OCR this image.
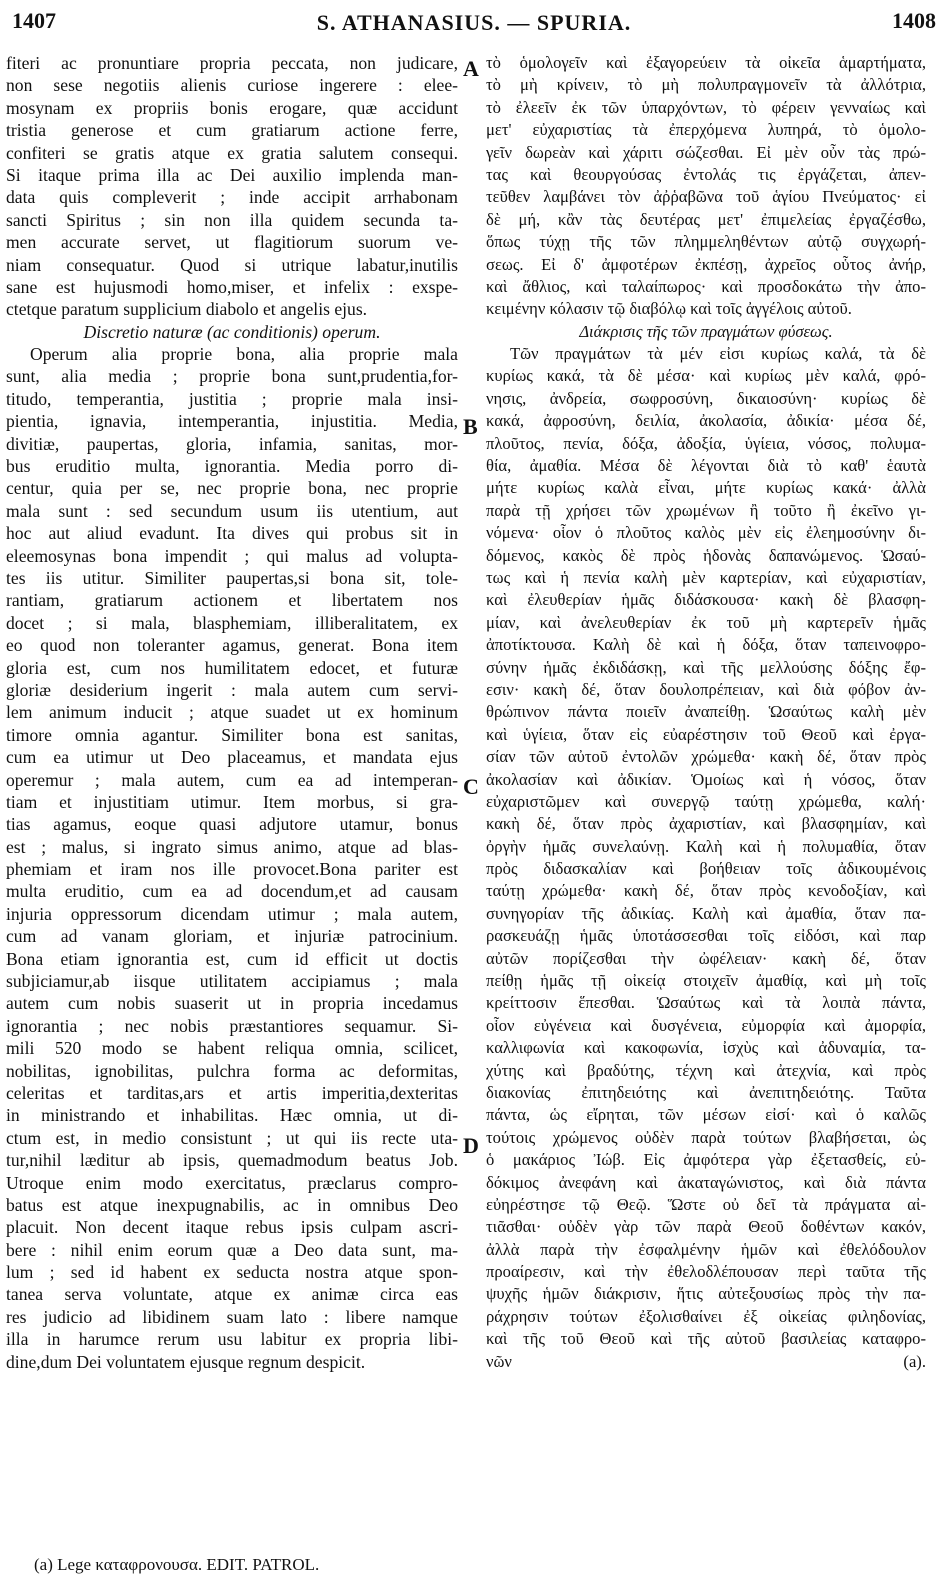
1407	S. ATHANASIUS. — SPURIA.	1408
fiteri ac pronuntiare propria peccata, non judicare,
non sese negotiis alienis curiose ingerere : elee-
mosynam ex propriis bonis erogare, quæ accidunt
tristia generose et cum gratiarum actione ferre,
confiteri se gratis atque ex gratia salutem consequi.
Si itaque prima illa ac Dei auxilio implenda man-
data quis compleverit ; inde accipit arrhabonam
sancti Spiritus ; sin non illa quidem secunda ta-
men accurate servet, ut flagitiorum suorum ve-
niam consequatur. Quod si utrique labatur,inutilis
sane est hujusmodi homo,miser, et infelix : exspe-
ctetque paratum supplicium diabolo et angelis ejus.
Discretio naturæ (ac conditionis) operum.
Operum alia proprie bona, alia proprie mala
sunt, alia media ; proprie bona sunt,prudentia,for-
titudo, temperantia, justitia ; proprie mala insi-
pientia, ignavia, intemperantia, injustitia. Media,
divitiæ, paupertas, gloria, infamia, sanitas, mor-
bus eruditio multa, ignorantia. Media porro di-
centur, quia per se, nec proprie bona, nec proprie
mala sunt : sed secundum usum iis utentium, aut
hoc aut aliud evadunt. Ita dives qui probus sit in
eleemosynas bona impendit ; qui malus ad volupta-
tes iis utitur. Similiter paupertas,si bona sit, tole-
rantiam, gratiarum actionem et libertatem nos
docet ; si mala, blasphemiam, illiberalitatem, ex
eo quod non toleranter agamus, generat. Bona item
gloria est, cum nos humilitatem edocet, et futuræ
gloriæ desiderium ingerit : mala autem cum servi-
lem animum inducit ; atque suadet ut ex hominum
timore omnia agantur. Similiter bona est sanitas,
cum ea utimur ut Deo placeamus, et mandata ejus
operemur ; mala autem, cum ea ad intemperan-
tiam et injustitiam utimur. Item morbus, si gra-
tias agamus, eoque quasi adjutore utamur, bonus
est ; malus, si ingrato simus animo, atque ad blas-
phemiam et iram nos ille provocet.Bona pariter est
multa eruditio, cum ea ad docendum,et ad causam
injuria oppressorum dicendam utimur ; mala autem,
cum ad vanam gloriam, et injuriæ patrocinium.
Bona etiam ignorantia est, cum id efficit ut doctis
subjiciamur,ab iisque utilitatem accipiamus ; mala
autem cum nobis suaserit ut in propria incedamus
ignorantia ; nec nobis præstantiores sequamur. Si-
mili 520 modo se habent reliqua omnia, scilicet,
nobilitas, ignobilitas, pulchra forma ac deformitas,
celeritas et tarditas,ars et artis imperitia,dexteritas
in ministrando et inhabilitas. Hæc omnia, ut di-
ctum est, in medio consistunt ; ut qui iis recte uta-
tur,nihil læditur ab ipsis, quemadmodum beatus Job.
Utroque enim modo exercitatus, præclarus compro-
batus est atque inexpugnabilis, ac in omnibus Deo
placuit. Non decent itaque rebus ipsis culpam ascri-
bere : nihil enim eorum quæ a Deo data sunt, ma-
lum ; sed id habent ex seducta nostra atque spon-
tanea serva voluntate, atque ex animæ circa eas
res judicio ad libidinem suam lato : libere namque
illa in harumce rerum usu labitur ex propria libi-
dine,dum Dei voluntatem ejusque regnum despicit.
τὸ ὁμολογεῖν καὶ ἐξαγορεύειν τὰ οἰκεῖα ἁμαρτήματα,
τὸ μὴ κρίνειν, τὸ μὴ πολυπραγμονεῖν τὰ ἀλλότρια,
τὸ ἐλεεῖν ἐκ τῶν ὑπαρχόντων, τὸ φέρειν γενναίως καὶ
μετ' εὐχαριστίας τὰ ἐπερχόμενα λυπηρά, τὸ ὁμολο-
γεῖν δωρεὰν καὶ χάριτι σώζεσθαι. Εἰ μὲν οὖν τὰς πρώ-
τας καὶ θεουργούσας ἐντολάς τις ἐργάζεται, ἀπεν-
τεῦθεν λαμβάνει τὸν ἀῤῥαβῶνα τοῦ ἁγίου Πνεύματος· εἰ
δὲ μή, κἂν τὰς δευτέρας μετ' ἐπιμελείας ἐργαζέσθω,
ὅπως τύχῃ τῆς τῶν πλημμεληθέντων αὐτῷ συγχωρή-
σεως. Εἰ δ' ἀμφοτέρων ἐκπέσῃ, ἀχρεῖος οὗτος ἀνήρ,
καὶ ἄθλιος, καὶ ταλαίπωρος· καὶ προσδοκάτω τὴν ἀπο-
κειμένην κόλασιν τῷ διαβόλῳ καὶ τοῖς ἀγγέλοις αὐτοῦ.
Διάκρισις τῆς τῶν πραγμάτων φύσεως.
Τῶν πραγμάτων τὰ μέν εἰσι κυρίως καλά, τὰ δὲ
κυρίως κακά, τὰ δὲ μέσα· καὶ κυρίως μὲν καλά, φρό-
νησις, ἀνδρεία, σωφροσύνη, δικαιοσύνη· κυρίως δὲ
κακά, ἀφροσύνη, δειλία, ἀκολασία, ἀδικία· μέσα δέ,
πλοῦτος, πενία, δόξα, ἀδοξία, ὑγίεια, νόσος, πολυμα-
θία, ἀμαθία. Μέσα δὲ λέγονται διὰ τὸ καθ' ἑαυτὰ
μήτε κυρίως καλὰ εἶναι, μήτε κυρίως κακά· ἀλλὰ
παρὰ τῇ χρήσει τῶν χρωμένων ἢ τοῦτο ἢ ἐκεῖνο γι-
νόμενα· οἷον ὁ πλοῦτος καλὸς μὲν εἰς ἐλεημοσύνην δι-
δόμενος, κακὸς δὲ πρὸς ἡδονὰς δαπανώμενος. Ὡσαύ-
τως καὶ ἡ πενία καλὴ μὲν καρτερίαν, καὶ εὐχαριστίαν,
καὶ ἐλευθερίαν ἡμᾶς διδάσκουσα· κακὴ δὲ βλασφη-
μίαν, καὶ ἀνελευθερίαν ἐκ τοῦ μὴ καρτερεῖν ἡμᾶς
ἀποτίκτουσα. Καλὴ δὲ καὶ ἡ δόξα, ὅταν ταπεινοφρο-
σύνην ἡμᾶς ἐκδιδάσκῃ, καὶ τῆς μελλούσης δόξης ἔφ-
εσιν· κακὴ δέ, ὅταν δουλοπρέπειαν, καὶ διὰ φόβον ἀν-
θρώπινον πάντα ποιεῖν ἀναπείθῃ. Ὡσαύτως καλὴ μὲν
καὶ ὑγίεια, ὅταν εἰς εὐαρέστησιν τοῦ Θεοῦ καὶ ἐργα-
σίαν τῶν αὐτοῦ ἐντολῶν χρώμεθα· κακὴ δέ, ὅταν πρὸς
ἀκολασίαν καὶ ἀδικίαν. Ὁμοίως καὶ ἡ νόσος, ὅταν
εὐχαριστῶμεν καὶ συνεργῷ ταύτῃ χρώμεθα, καλή·
κακὴ δέ, ὅταν πρὸς ἀχαριστίαν, καὶ βλασφημίαν, καὶ
ὀργὴν ἡμᾶς συνελαύνῃ. Καλὴ καὶ ἡ πολυμαθία, ὅταν
πρὸς διδασκαλίαν καὶ βοήθειαν τοῖς ἀδικουμένοις
ταύτῃ χρώμεθα· κακὴ δέ, ὅταν πρὸς κενοδοξίαν, καὶ
συνηγορίαν τῆς ἀδικίας. Καλὴ καὶ ἀμαθία, ὅταν πα-
ρασκευάζῃ ἡμᾶς ὑποτάσσεσθαι τοῖς εἰδόσι, καὶ παρ
αὐτῶν πορίζεσθαι τὴν ὠφέλειαν· κακὴ δέ, ὅταν
πείθῃ ἡμᾶς τῇ οἰκείᾳ στοιχεῖν ἀμαθίᾳ, καὶ μὴ τοῖς
κρείττοσιν ἕπεσθαι. Ὡσαύτως καὶ τὰ λοιπὰ πάντα,
οἷον εὐγένεια καὶ δυσγένεια, εὐμορφία καὶ ἀμορφία,
καλλιφωνία καὶ κακοφωνία, ἰσχὺς καὶ ἀδυναμία, τα-
χύτης καὶ βραδύτης, τέχνη καὶ ἀτεχνία, καὶ πρὸς
διακονίας ἐπιτηδειότης καὶ ἀνεπιτηδειότης. Ταῦτα
πάντα, ὡς εἴρηται, τῶν μέσων εἰσί· καὶ ὁ καλῶς
τούτοις χρώμενος οὐδὲν παρὰ τούτων βλαβήσεται, ὡς
ὁ μακάριος Ἰώβ. Εἰς ἀμφότερα γὰρ ἐξετασθείς, εὐ-
δόκιμος ἀνεφάνη καὶ ἀκαταγώνιστος, καὶ διὰ πάντα
εὐηρέστησε τῷ Θεῷ. Ὥστε οὐ δεῖ τὰ πράγματα αἰ-
τιᾶσθαι· οὐδὲν γὰρ τῶν παρὰ Θεοῦ δοθέντων κακόν,
ἀλλὰ παρὰ τὴν ἐσφαλμένην ἡμῶν καὶ ἐθελόδουλον
προαίρεσιν, καὶ τὴν ἐθελοδλέπουσαν περὶ ταῦτα τῆς
ψυχῆς ἡμῶν διάκρισιν, ἥτις αὐτεξουσίως πρὸς τὴν πα-
ράχρησιν τούτων ἐξολισθαίνει ἐξ οἰκείας φιληδονίας,
καὶ τῆς τοῦ Θεοῦ καὶ τῆς αὐτοῦ βασιλείας καταφρο-
νῶν (a).
A
B
C
D
(a) Lege καταφρονουσα. EDIT. PATROL.
